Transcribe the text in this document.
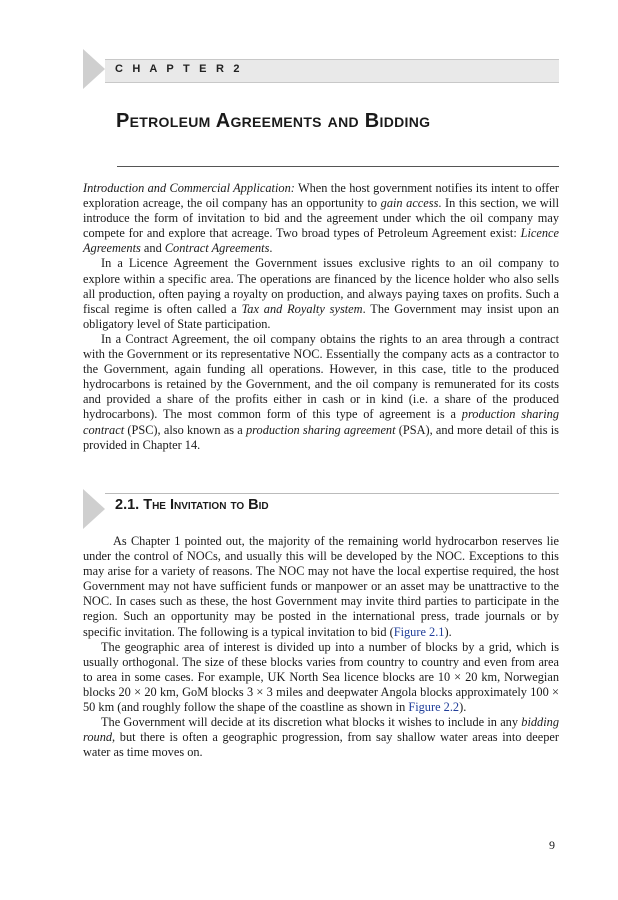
C H A P T E R 2
Petroleum Agreements and Bidding

Introduction and Commercial Application: When the host government notifies its intent to offer exploration acreage, the oil company has an opportunity to gain access. In this section, we will introduce the form of invitation to bid and the agreement under which the oil company may compete for and explore that acreage. Two broad types of Petroleum Agreement exist: Licence Agreements and Contract Agreements.

In a Licence Agreement the Government issues exclusive rights to an oil company to explore within a specific area. The operations are financed by the licence holder who also sells all production, often paying a royalty on production, and always paying taxes on profits. Such a fiscal regime is often called a Tax and Royalty system. The Government may insist upon an obligatory level of State participation.

In a Contract Agreement, the oil company obtains the rights to an area through a contract with the Government or its representative NOC. Essentially the company acts as a contractor to the Government, again funding all operations. However, in this case, title to the produced hydrocarbons is retained by the Government, and the oil company is remunerated for its costs and provided a share of the profits either in cash or in kind (i.e. a share of the produced hydrocarbons). The most common form of this type of agreement is a production sharing contract (PSC), also known as a production sharing agreement (PSA), and more detail of this is provided in Chapter 14.

2.1. The Invitation to Bid

As Chapter 1 pointed out, the majority of the remaining world hydrocarbon reserves lie under the control of NOCs, and usually this will be developed by the NOC. Exceptions to this may arise for a variety of reasons. The NOC may not have the local expertise required, the host Government may not have sufficient funds or manpower or an asset may be unattractive to the NOC. In cases such as these, the host Government may invite third parties to participate in the region. Such an opportunity may be posted in the international press, trade journals or by specific invitation. The following is a typical invitation to bid (Figure 2.1).

The geographic area of interest is divided up into a number of blocks by a grid, which is usually orthogonal. The size of these blocks varies from country to country and even from area to area in some cases. For example, UK North Sea licence blocks are 10 × 20 km, Norwegian blocks 20 × 20 km, GoM blocks 3 × 3 miles and deepwater Angola blocks approximately 100 × 50 km (and roughly follow the shape of the coastline as shown in Figure 2.2).

The Government will decide at its discretion what blocks it wishes to include in any bidding round, but there is often a geographic progression, from say shallow water areas into deeper water as time moves on.

9
